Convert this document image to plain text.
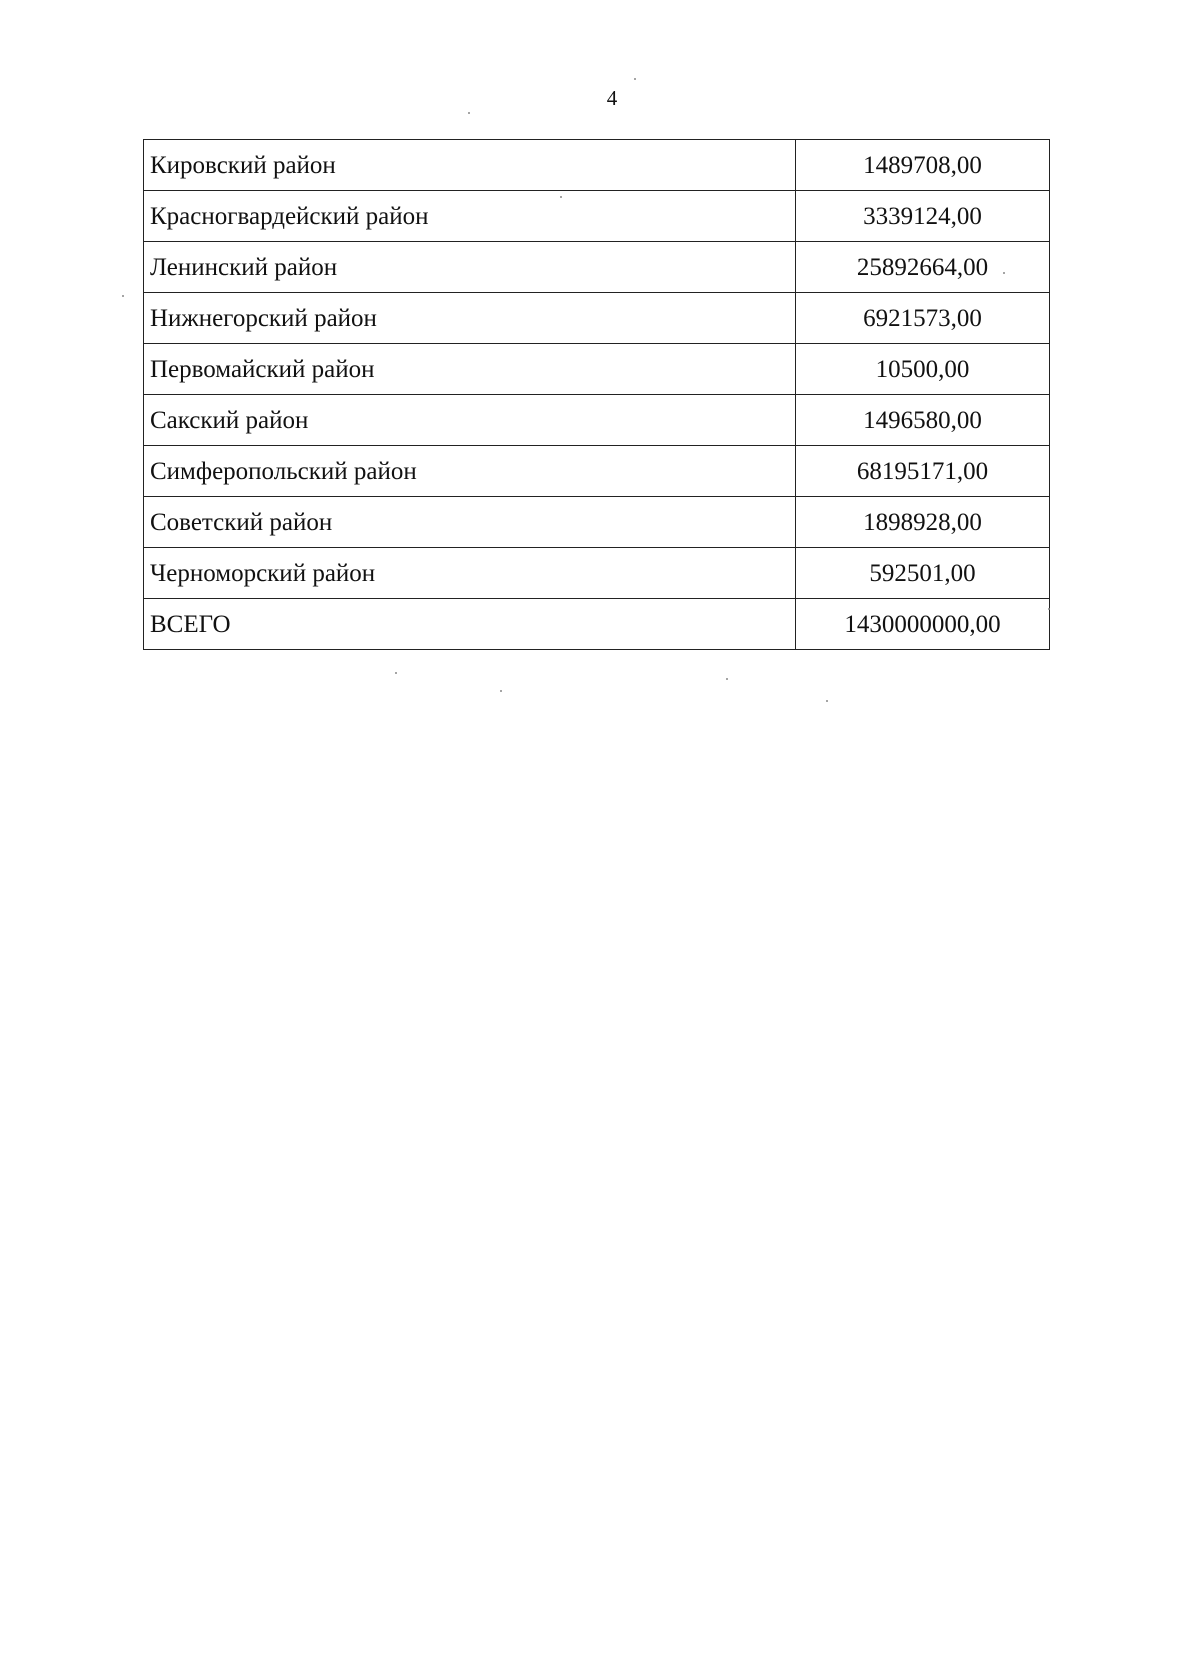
4
Кировский район	1489708,00
Красногвардейский район	3339124,00
Ленинский район	25892664,00
Нижнегорский район	6921573,00
Первомайский район	10500,00
Сакский район	1496580,00
Симферопольский район	68195171,00
Советский район	1898928,00
Черноморский район	592501,00
ВСЕГО	1430000000,00
